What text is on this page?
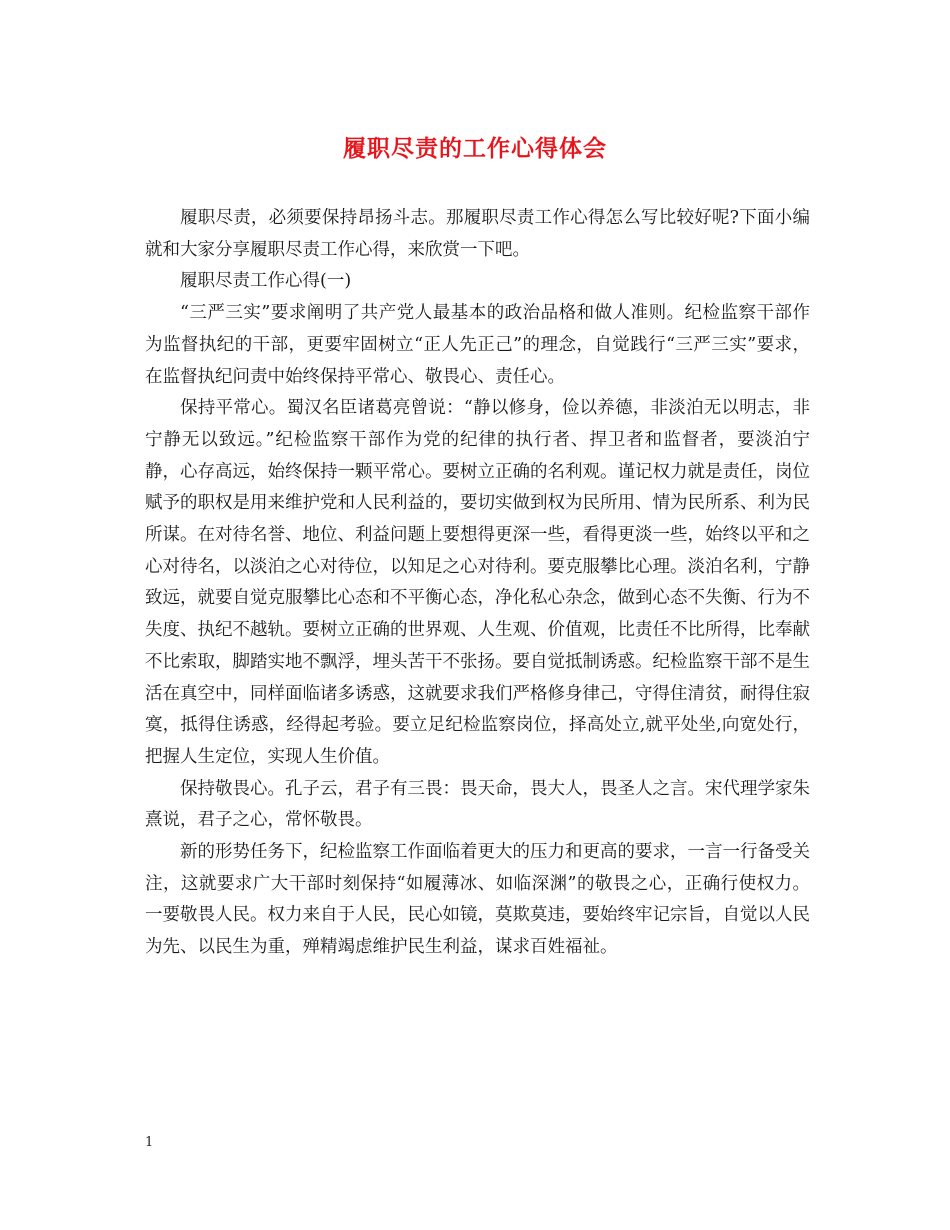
履职尽责的工作心得体会

履职尽责，必须要保持昂扬斗志。那履职尽责工作心得怎么写比较好呢?下面小编就和大家分享履职尽责工作心得，来欣赏一下吧。

履职尽责工作心得(一)

“三严三实”要求阐明了共产党人最基本的政治品格和做人准则。纪检监察干部作为监督执纪的干部，更要牢固树立“正人先正己”的理念，自觉践行“三严三实”要求，在监督执纪问责中始终保持平常心、敬畏心、责任心。

保持平常心。蜀汉名臣诸葛亮曾说：“静以修身，俭以养德，非淡泊无以明志，非宁静无以致远。”纪检监察干部作为党的纪律的执行者、捍卫者和监督者，要淡泊宁静，心存高远，始终保持一颗平常心。要树立正确的名利观。谨记权力就是责任，岗位赋予的职权是用来维护党和人民利益的，要切实做到权为民所用、情为民所系、利为民所谋。在对待名誉、地位、利益问题上要想得更深一些，看得更淡一些，始终以平和之心对待名，以淡泊之心对待位，以知足之心对待利。要克服攀比心理。淡泊名利，宁静致远，就要自觉克服攀比心态和不平衡心态，净化私心杂念，做到心态不失衡、行为不失度、执纪不越轨。要树立正确的世界观、人生观、价值观，比责任不比所得，比奉献不比索取，脚踏实地不飘浮，埋头苦干不张扬。要自觉抵制诱惑。纪检监察干部不是生活在真空中，同样面临诸多诱惑，这就要求我们严格修身律己，守得住清贫，耐得住寂寞，抵得住诱惑，经得起考验。要立足纪检监察岗位，择高处立,就平处坐,向宽处行，把握人生定位，实现人生价值。

保持敬畏心。孔子云，君子有三畏：畏天命，畏大人，畏圣人之言。宋代理学家朱熹说，君子之心，常怀敬畏。

新的形势任务下，纪检监察工作面临着更大的压力和更高的要求，一言一行备受关注，这就要求广大干部时刻保持“如履薄冰、如临深渊”的敬畏之心，正确行使权力。一要敬畏人民。权力来自于人民，民心如镜，莫欺莫违，要始终牢记宗旨，自觉以人民为先、以民生为重，殚精竭虑维护民生利益，谋求百姓福祉。

1
